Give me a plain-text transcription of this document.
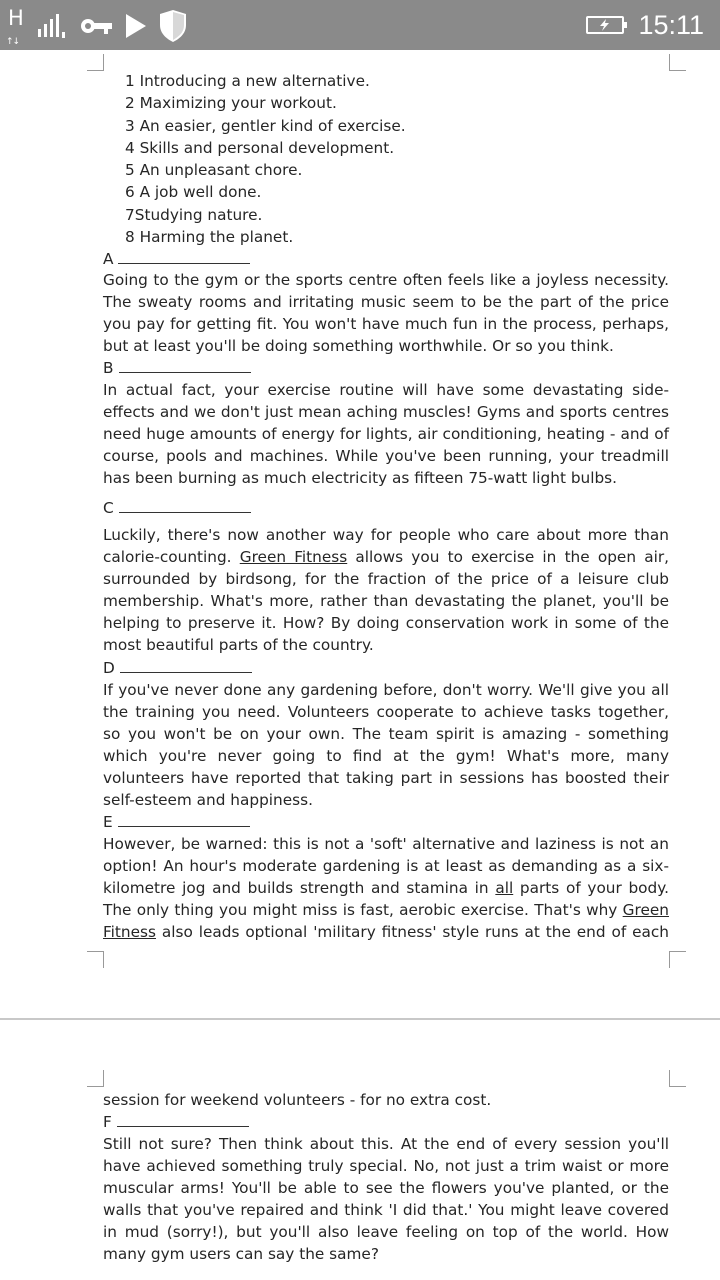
H
↑↓
15:11
1 Introducing a new alternative.
2 Maximizing your workout.
3 An easier, gentler kind of exercise.
4 Skills and personal development.
5 An unpleasant chore.
6 A job well done.
7Studying nature.
8 Harming the planet.
A
Going to the gym or the sports centre often feels like a joyless necessity. The sweaty rooms and irritating music seem to be the part of the price you pay for getting fit. You won't have much fun in the process, perhaps, but at least you'll be doing something worthwhile. Or so you think.
B
In actual fact, your exercise routine will have some devastating side-effects and we don't just mean aching muscles! Gyms and sports centres need huge amounts of energy for lights, air conditioning, heating - and of course, pools and machines. While you've been running, your treadmill has been burning as much electricity as fifteen 75-watt light bulbs.
C
Luckily, there's now another way for people who care about more than calorie-counting. Green Fitness allows you to exercise in the open air, surrounded by birdsong, for the fraction of the price of a leisure club membership. What's more, rather than devastating the planet, you'll be helping to preserve it. How? By doing conservation work in some of the most beautiful parts of the country.
D
If you've never done any gardening before, don't worry. We'll give you all the training you need. Volunteers cooperate to achieve tasks together, so you won't be on your own. The team spirit is amazing - something which you're never going to find at the gym! What's more, many volunteers have reported that taking part in sessions has boosted their self-esteem and happiness.
E
However, be warned: this is not a 'soft' alternative and laziness is not an option! An hour's moderate gardening is at least as demanding as a six-kilometre jog and builds strength and stamina in all parts of your body. The only thing you might miss is fast, aerobic exercise. That's why Green Fitness also leads optional 'military fitness' style runs at the end of each
session for weekend volunteers - for no extra cost.
F
Still not sure? Then think about this. At the end of every session you'll have achieved something truly special. No, not just a trim waist or more muscular arms! You'll be able to see the flowers you've planted, or the walls that you've repaired and think 'I did that.' You might leave covered in mud (sorry!), but you'll also leave feeling on top of the world. How many gym users can say the same?
